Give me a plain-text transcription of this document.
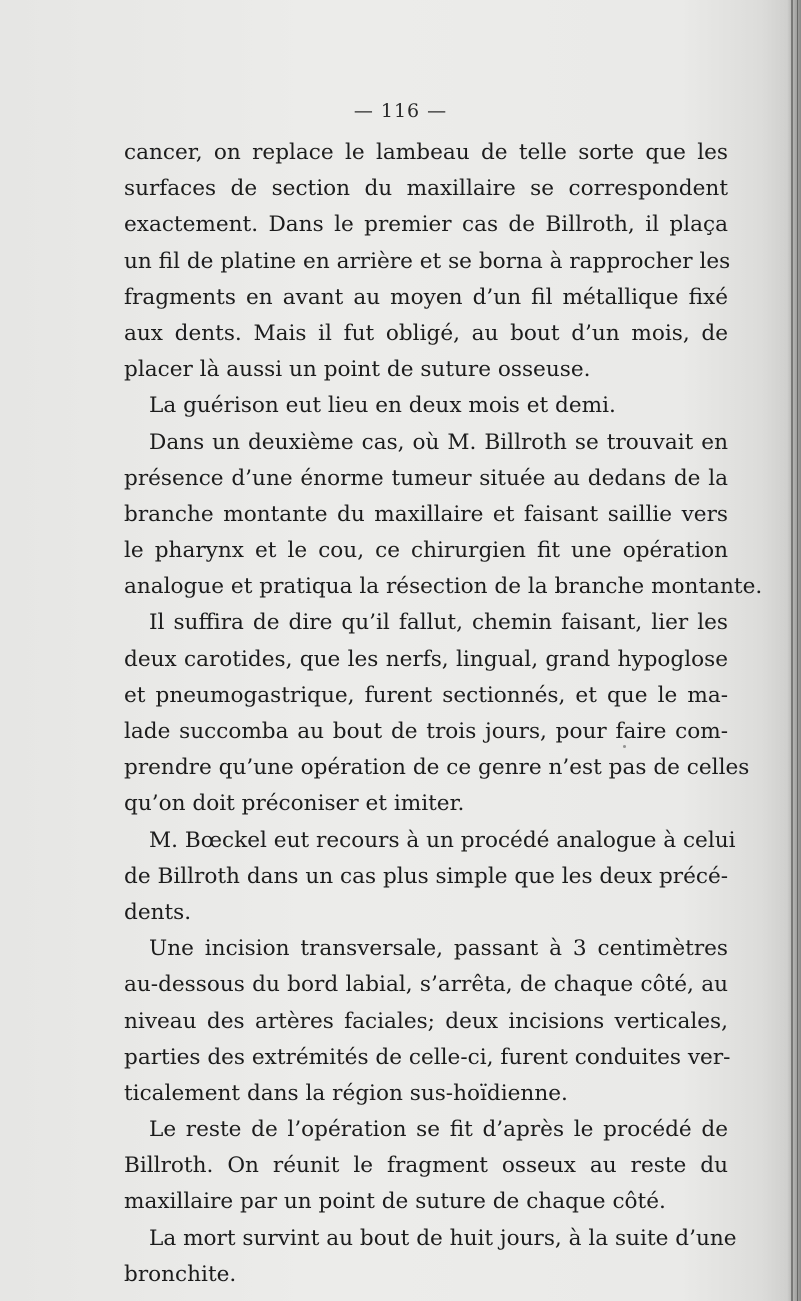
— 116 —
cancer, on replace le lambeau de telle sorte que les
surfaces de section du maxillaire se correspondent
exactement. Dans le premier cas de Billroth, il plaça
un fil de platine en arrière et se borna à rapprocher les
fragments en avant au moyen d’un fil métallique fixé
aux dents. Mais il fut obligé, au bout d’un mois, de
placer là aussi un point de suture osseuse.
La guérison eut lieu en deux mois et demi.
Dans un deuxième cas, où M. Billroth se trouvait en
présence d’une énorme tumeur située au dedans de la
branche montante du maxillaire et faisant saillie vers
le pharynx et le cou, ce chirurgien fit une opération
analogue et pratiqua la résection de la branche montante.
Il suffira de dire qu’il fallut, chemin faisant, lier les
deux carotides, que les nerfs, lingual, grand hypoglose
et pneumogastrique, furent sectionnés, et que le ma-
lade succomba au bout de trois jours, pour faire com-
prendre qu’une opération de ce genre n’est pas de celles
qu’on doit préconiser et imiter.
M. Bœckel eut recours à un procédé analogue à celui
de Billroth dans un cas plus simple que les deux précé-
dents.
Une incision transversale, passant à 3 centimètres
au-dessous du bord labial, s’arrêta, de chaque côté, au
niveau des artères faciales; deux incisions verticales,
parties des extrémités de celle-ci, furent conduites ver-
ticalement dans la région sus-hoïdienne.
Le reste de l’opération se fit d’après le procédé de
Billroth. On réunit le fragment osseux au reste du
maxillaire par un point de suture de chaque côté.
La mort survint au bout de huit jours, à la suite d’une
bronchite.
